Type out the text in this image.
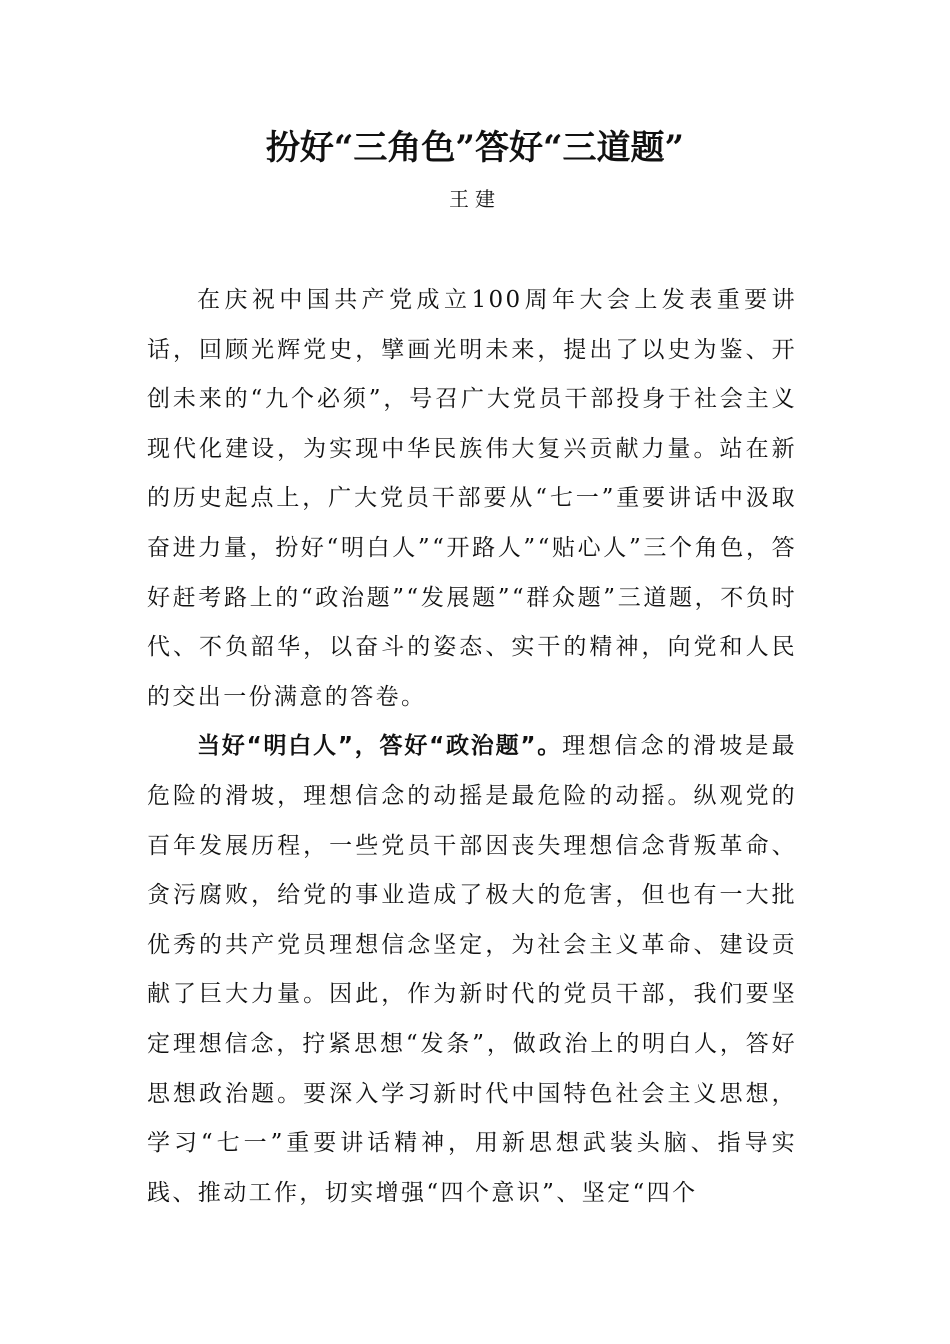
扮好“三角色”答好“三道题”
王建

在庆祝中国共产党成立100周年大会上发表重要讲话，回顾光辉党史，擘画光明未来，提出了以史为鉴、开创未来的“九个必须”，号召广大党员干部投身于社会主义现代化建设，为实现中华民族伟大复兴贡献力量。站在新的历史起点上，广大党员干部要从“七一”重要讲话中汲取奋进力量，扮好“明白人”“开路人”“贴心人”三个角色，答好赶考路上的“政治题”“发展题”“群众题”三道题，不负时代、不负韶华，以奋斗的姿态、实干的精神，向党和人民的交出一份满意的答卷。

当好“明白人”，答好“政治题”。理想信念的滑坡是最危险的滑坡，理想信念的动摇是最危险的动摇。纵观党的百年发展历程，一些党员干部因丧失理想信念背叛革命、贪污腐败，给党的事业造成了极大的危害，但也有一大批优秀的共产党员理想信念坚定，为社会主义革命、建设贡献了巨大力量。因此，作为新时代的党员干部，我们要坚定理想信念，拧紧思想“发条”，做政治上的明白人，答好思想政治题。要深入学习新时代中国特色社会主义思想，学习“七一”重要讲话精神，用新思想武装头脑、指导实践、推动工作，切实增强“四个意识”、坚定“四个
